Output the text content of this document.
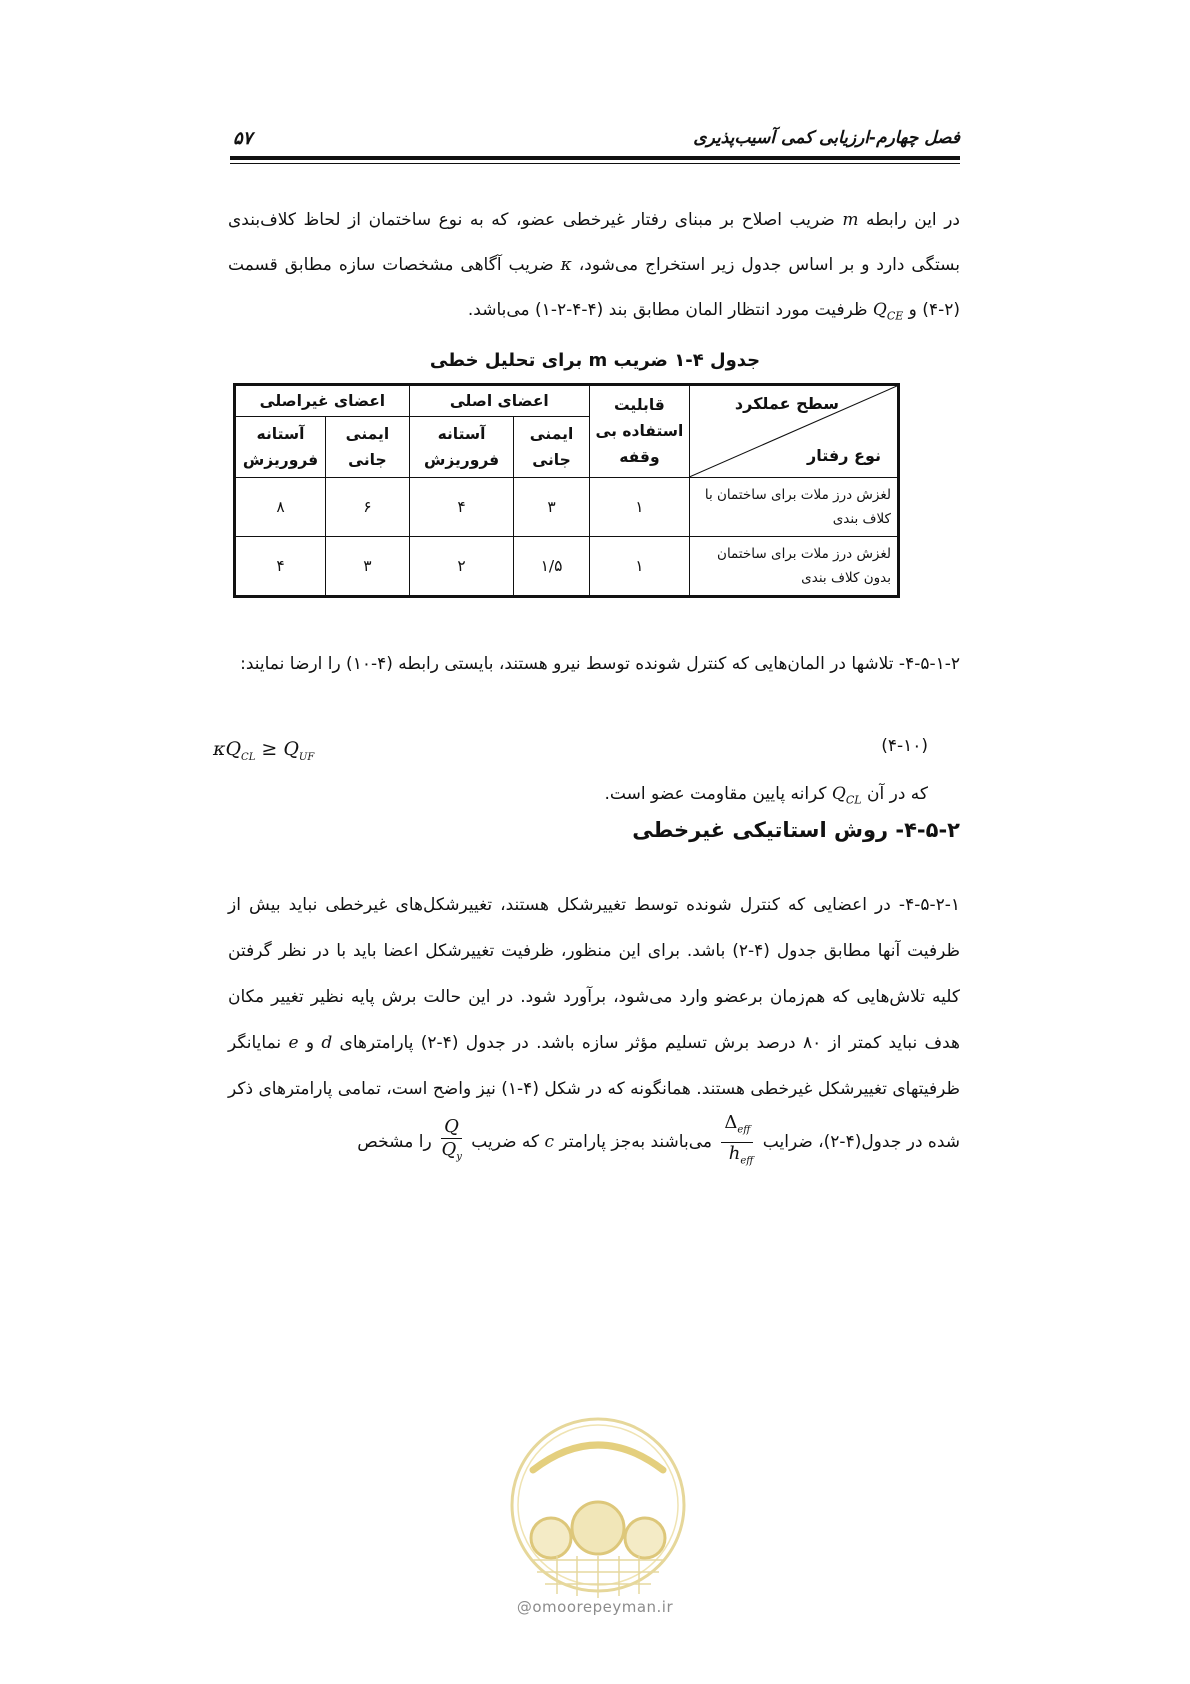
فصل چهارم-ارزیابی کمی آسیب‌پذیری
۵۷

در این رابطه m ضریب اصلاح بر مبنای رفتار غیرخطی عضو، که به نوع ساختمان از لحاظ کلاف‌بندی بستگی دارد و بر اساس جدول زیر استخراج می‌شود، κ ضریب آگاهی مشخصات سازه مطابق قسمت (۲-۴) و $Q_{CE}$ ظرفیت مورد انتظار المان مطابق بند (۴-۴-۲-۱) می‌باشد.

جدول ۴-۱ ضریب m برای تحلیل خطی
سطح عملکرد
نوع رفتار	قابلیت استفاده بی وقفه	اعضای اصلی		اعضای غیراصلی	
		ایمنی جانی	آستانه فروریزش	ایمنی جانی	آستانه فروریزش
لغزش درز ملات برای ساختمان با کلاف بندی	۱	۳	۴	۶	۸
لغزش درز ملات برای ساختمان بدون کلاف بندی	۱	۱/۵	۲	۳	۴

۴-۵-۱-۲- تلاشها در المان‌هایی که کنترل شونده توسط نیرو هستند، بایستی رابطه (۴-۱۰) را ارضا نمایند:

$\kappa Q_{CL} \ge Q_{UF}$
(۴-۱۰)

که در آن $Q_{CL}$ کرانه پایین مقاومت عضو است.

۴-۵-۲- روش استاتیکی غیرخطی

۴-۵-۲-۱- در اعضایی که کنترل شونده توسط تغییرشکل هستند، تغییرشکل‌های غیرخطی نباید بیش از ظرفیت آنها مطابق جدول (۴-۲) باشد. برای این منظور، ظرفیت تغییرشکل اعضا باید با در نظر گرفتن کلیه تلاش‌هایی که هم‌زمان برعضو وارد می‌شود، برآورد شود. در این حالت برش پایه نظیر تغییر مکان هدف نباید کمتر از ۸۰ درصد برش تسلیم مؤثر سازه باشد. در جدول (۴-۲) پارامترهای d و e نمایانگر ظرفیتهای تغییرشکل غیرخطی هستند. همانگونه که در شکل (۴-۱) نیز واضح است، تمامی پارامترهای ذکر شده در جدول(۴-۲)، ضرایب
$\frac{\Delta_{eff}}{h_{eff}}$
می‌باشند به‌جز پارامتر c که ضریب
$\frac{Q}{Q_y}$
را مشخص

@omoorepeyman.ir
